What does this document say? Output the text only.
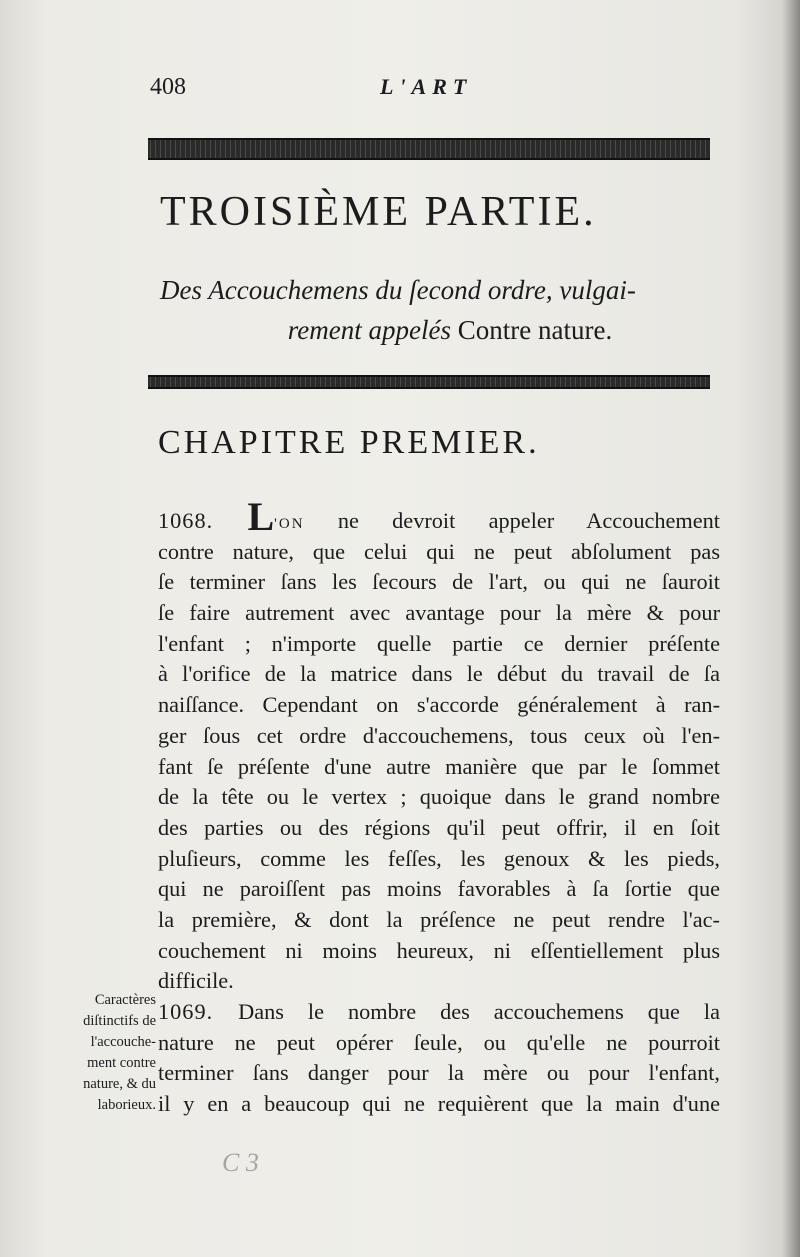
408	L'ART
TROISIÈME PARTIE.
Des Accouchemens du ſecond ordre, vulgai-
rement appelés Contre nature.
CHAPITRE PREMIER.
1068. L'ON ne devroit appeler Accouchement
contre nature, que celui qui ne peut abſolument pas
ſe terminer ſans les ſecours de l'art, ou qui ne ſauroit
ſe faire autrement avec avantage pour la mère & pour
l'enfant ; n'importe quelle partie ce dernier préſente
à l'orifice de la matrice dans le début du travail de ſa
naiſſance. Cependant on s'accorde généralement à ran-
ger ſous cet ordre d'accouchemens, tous ceux où l'en-
fant ſe préſente d'une autre manière que par le ſommet
de la tête ou le vertex ; quoique dans le grand nombre
des parties ou des régions qu'il peut offrir, il en ſoit
pluſieurs, comme les feſſes, les genoux & les pieds,
qui ne paroiſſent pas moins favorables à ſa ſortie que
la première, & dont la préſence ne peut rendre l'ac-
couchement ni moins heureux, ni eſſentiellement plus
difficile.
1069. Dans le nombre des accouchemens que la
nature ne peut opérer ſeule, ou qu'elle ne pourroit
terminer ſans danger pour la mère ou pour l'enfant,
il y en a beaucoup qui ne requièrent que la main d'une
Caractères
diſtinctifs de
l'accouche-
ment contre
nature, & du
laborieux.
C 3
